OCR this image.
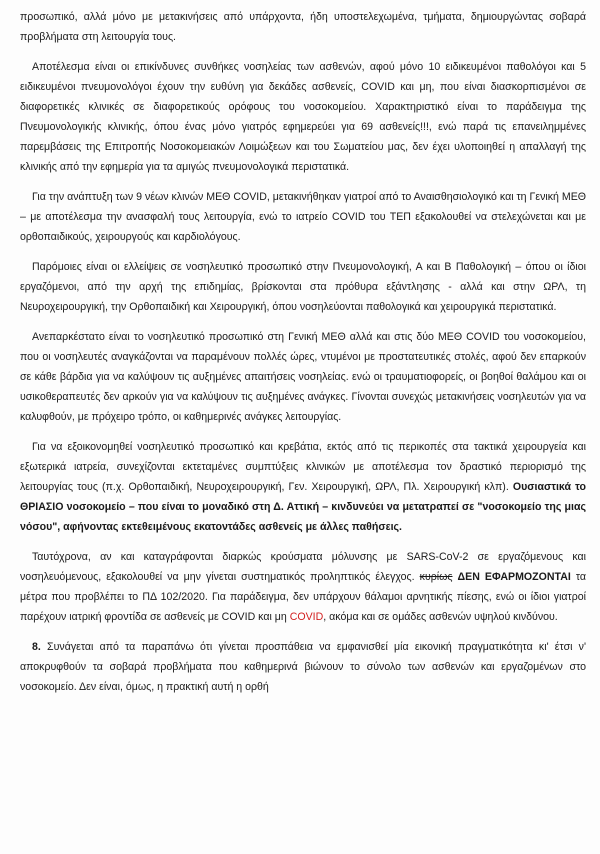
προσωπικό, αλλά μόνο με μετακινήσεις από υπάρχοντα, ήδη υποστελεχωμένα, τμήματα, δημιουργώντας σοβαρά προβλήματα στη λειτουργία τους.

Αποτέλεσμα είναι οι επικίνδυνες συνθήκες νοσηλείας των ασθενών, αφού μόνο 10 ειδικευμένοι παθολόγοι και 5 ειδικευμένοι πνευμονολόγοι έχουν την ευθύνη για δεκάδες ασθενείς, COVID και μη, που είναι διασκορπισμένοι σε διαφορετικές κλινικές σε διαφορετικούς ορόφους του νοσοκομείου. Χαρακτηριστικό είναι το παράδειγμα της Πνευμονολογικής κλινικής, όπου ένας μόνο γιατρός εφημερεύει για 69 ασθενείς!!!, ενώ παρά τις επανειλημμένες παρεμβάσεις της Επιτροπής Νοσοκομειακών Λοιμώξεων και του Σωματείου μας, δεν έχει υλοποιηθεί η απαλλαγή της κλινικής από την εφημερία για τα αμιγώς πνευμονολογικά περιστατικά.

Για την ανάπτυξη των 9 νέων κλινών ΜΕΘ COVID, μετακινήθηκαν γιατροί από το Αναισθησιολογικό και τη Γενική ΜΕΘ – με αποτέλεσμα την ανασφαλή τους λειτουργία, ενώ το ιατρείο COVID του ΤΕΠ εξακολουθεί να στελεχώνεται και με ορθοπαιδικούς, χειρουργούς και καρδιολόγους.

Παρόμοιες είναι οι ελλείψεις σε νοσηλευτικό προσωπικό στην Πνευμονολογική, Α και Β Παθολογική – όπου οι ίδιοι εργαζόμενοι, από την αρχή της επιδημίας, βρίσκονται στα πρόθυρα εξάντλησης - αλλά και στην ΩΡΛ, τη Νευροχειρουργική, την Ορθοπαιδική και Χειρουργική, όπου νοσηλεύονται παθολογικά και χειρουργικά περιστατικά.

Ανεπαρκέστατο είναι το νοσηλευτικό προσωπικό στη Γενική ΜΕΘ αλλά και στις δύο ΜΕΘ COVID του νοσοκομείου, που οι νοσηλευτές αναγκάζονται να παραμένουν πολλές ώρες, ντυμένοι με προστατευτικές στολές, αφού δεν επαρκούν σε κάθε βάρδια για να καλύψουν τις αυξημένες απαιτήσεις νοσηλείας. ενώ οι τραυματιοφορείς, οι βοηθοί θαλάμου και οι υσικοθεραπευτές δεν αρκούν για να καλύψουν τις αυξημένες ανάγκες. Γίνονται συνεχώς μετακινήσεις νοσηλευτών για να καλυφθούν, με πρόχειρο τρόπο, οι καθημερινές ανάγκες λειτουργίας.

Για να εξοικονομηθεί νοσηλευτικό προσωπικό και κρεβάτια, εκτός από τις περικοπές στα τακτικά χειρουργεία και εξωτερικά ιατρεία, συνεχίζονται εκτεταμένες συμπτύξεις κλινικών με αποτέλεσμα τον δραστικό περιορισμό της λειτουργίας τους (π.χ. Ορθοπαιδική, Νευροχειρουργική, Γεν. Χειρουργική, ΩΡΛ, Πλ. Χειρουργική κλπ). Ουσιαστικά το ΘΡΙΑΣΙΟ νοσοκομείο – που είναι το μοναδικό στη Δ. Αττική – κινδυνεύει να μετατραπεί σε "νοσοκομείο της μιας νόσου", αφήνοντας εκτεθειμένους εκατοντάδες ασθενείς με άλλες παθήσεις.

Ταυτόχρονα, αν και καταγράφονται διαρκώς κρούσματα μόλυνσης με SARS-CoV-2 σε εργαζόμενους και νοσηλευόμενους, εξακολουθεί να μην γίνεται συστηματικός προληπτικός έλεγχος. κυρίως ΔΕΝ ΕΦΑΡΜΟΖΟΝΤΑΙ τα μέτρα που προβλέπει το ΠΔ 102/2020. Για παράδειγμα, δεν υπάρχουν θάλαμοι αρνητικής πίεσης, ενώ οι ίδιοι γιατροί παρέχουν ιατρική φροντίδα σε ασθενείς με COVID και μη COVID, ακόμα και σε ομάδες ασθενών υψηλού κινδύνου.

8. Συνάγεται από τα παραπάνω ότι γίνεται προσπάθεια να εμφανισθεί μία εικονική πραγματικότητα κι' έτσι ν' αποκρυφθούν τα σοβαρά προβλήματα που καθημερινά βιώνουν το σύνολο των ασθενών και εργαζομένων στο νοσοκομείο. Δεν είναι, όμως, η πρακτική αυτή η ορθή
